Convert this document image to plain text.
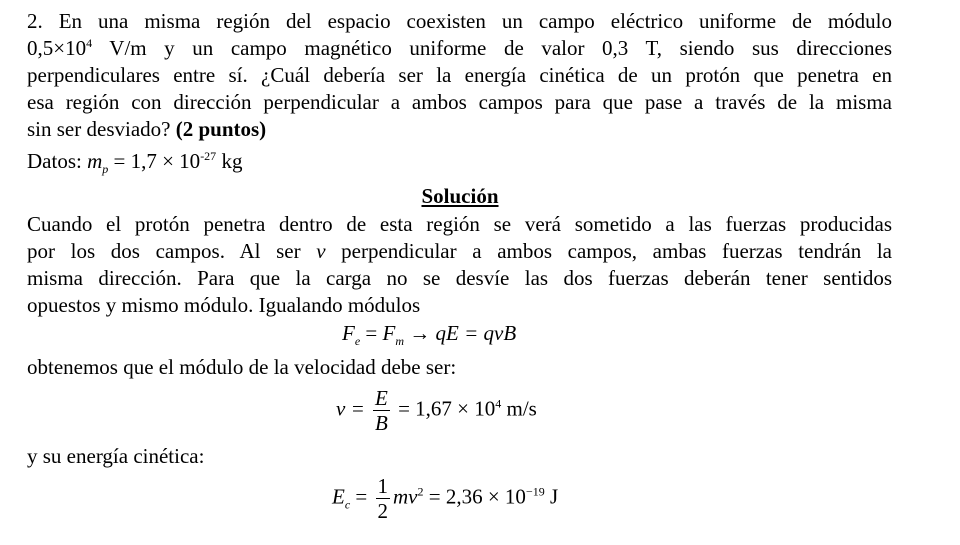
2. En una misma región del espacio coexisten un campo eléctrico uniforme de módulo
$0,5\times 10^4$ V/m y un campo magnético uniforme de valor 0,3 T, siendo sus direcciones
perpendiculares entre sí. ¿Cuál debería ser la energía cinética de un protón que penetra en
esa región con dirección perpendicular a ambos campos para que pase a través de la misma
sin ser desviado? (2 puntos)
Datos: $m_p = 1,7 \times 10^{-27}$ kg
Solución
Cuando el protón penetra dentro de esta región se verá sometido a las fuerzas producidas
por los dos campos. Al ser v perpendicular a ambos campos, ambas fuerzas tendrán la
misma dirección. Para que la carga no se desvíe las dos fuerzas deberán tener sentidos
opuestos y mismo módulo. Igualando módulos
$F_e = F_m$ → qE = qvB
obtenemos que el módulo de la velocidad debe ser:
$v = \frac{E}{B} = 1,67 \times 10^4$ m/s
y su energía cinética:
$E_c = \frac{1}{2} mv^2 = 2,36 \times 10^{-19}$ J
